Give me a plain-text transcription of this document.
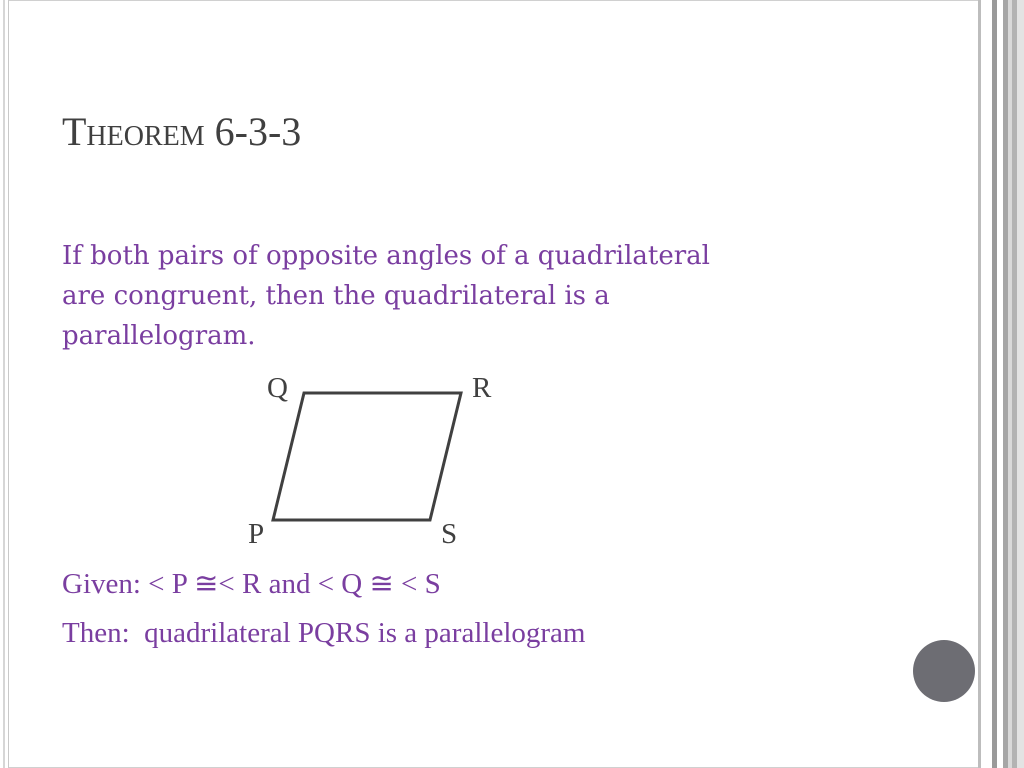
Theorem 6-3-3
If both pairs of opposite angles of a quadrilateral
are congruent, then the quadrilateral is a
parallelogram.
Q	R
P	S
Given: < P ≅< R and < Q ≅ < S
Then:  quadrilateral PQRS is a parallelogram
